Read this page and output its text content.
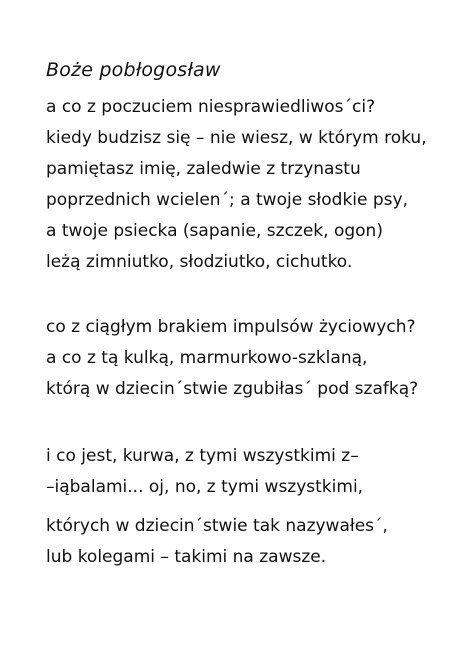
Boże pobłogosław
a co z poczuciem niesprawiedliwos´ci?
kiedy budzisz się – nie wiesz, w którym roku,
pamiętasz imię, zaledwie z trzynastu
poprzednich wcielen´; a twoje słodkie psy,
a twoje psiecka (sapanie, szczek, ogon)
leżą zimniutko, słodziutko, cichutko.
co z ciągłym brakiem impulsów życiowych?
a co z tą kulką, marmurkowo-szklaną,
którą w dziecin´stwie zgubiłas´ pod szafką?
i co jest, kurwa, z tymi wszystkimi z–
–iąbalami... oj, no, z tymi wszystkimi,
których w dziecin´stwie tak nazywałes´,
lub kolegami – takimi na zawsze.
